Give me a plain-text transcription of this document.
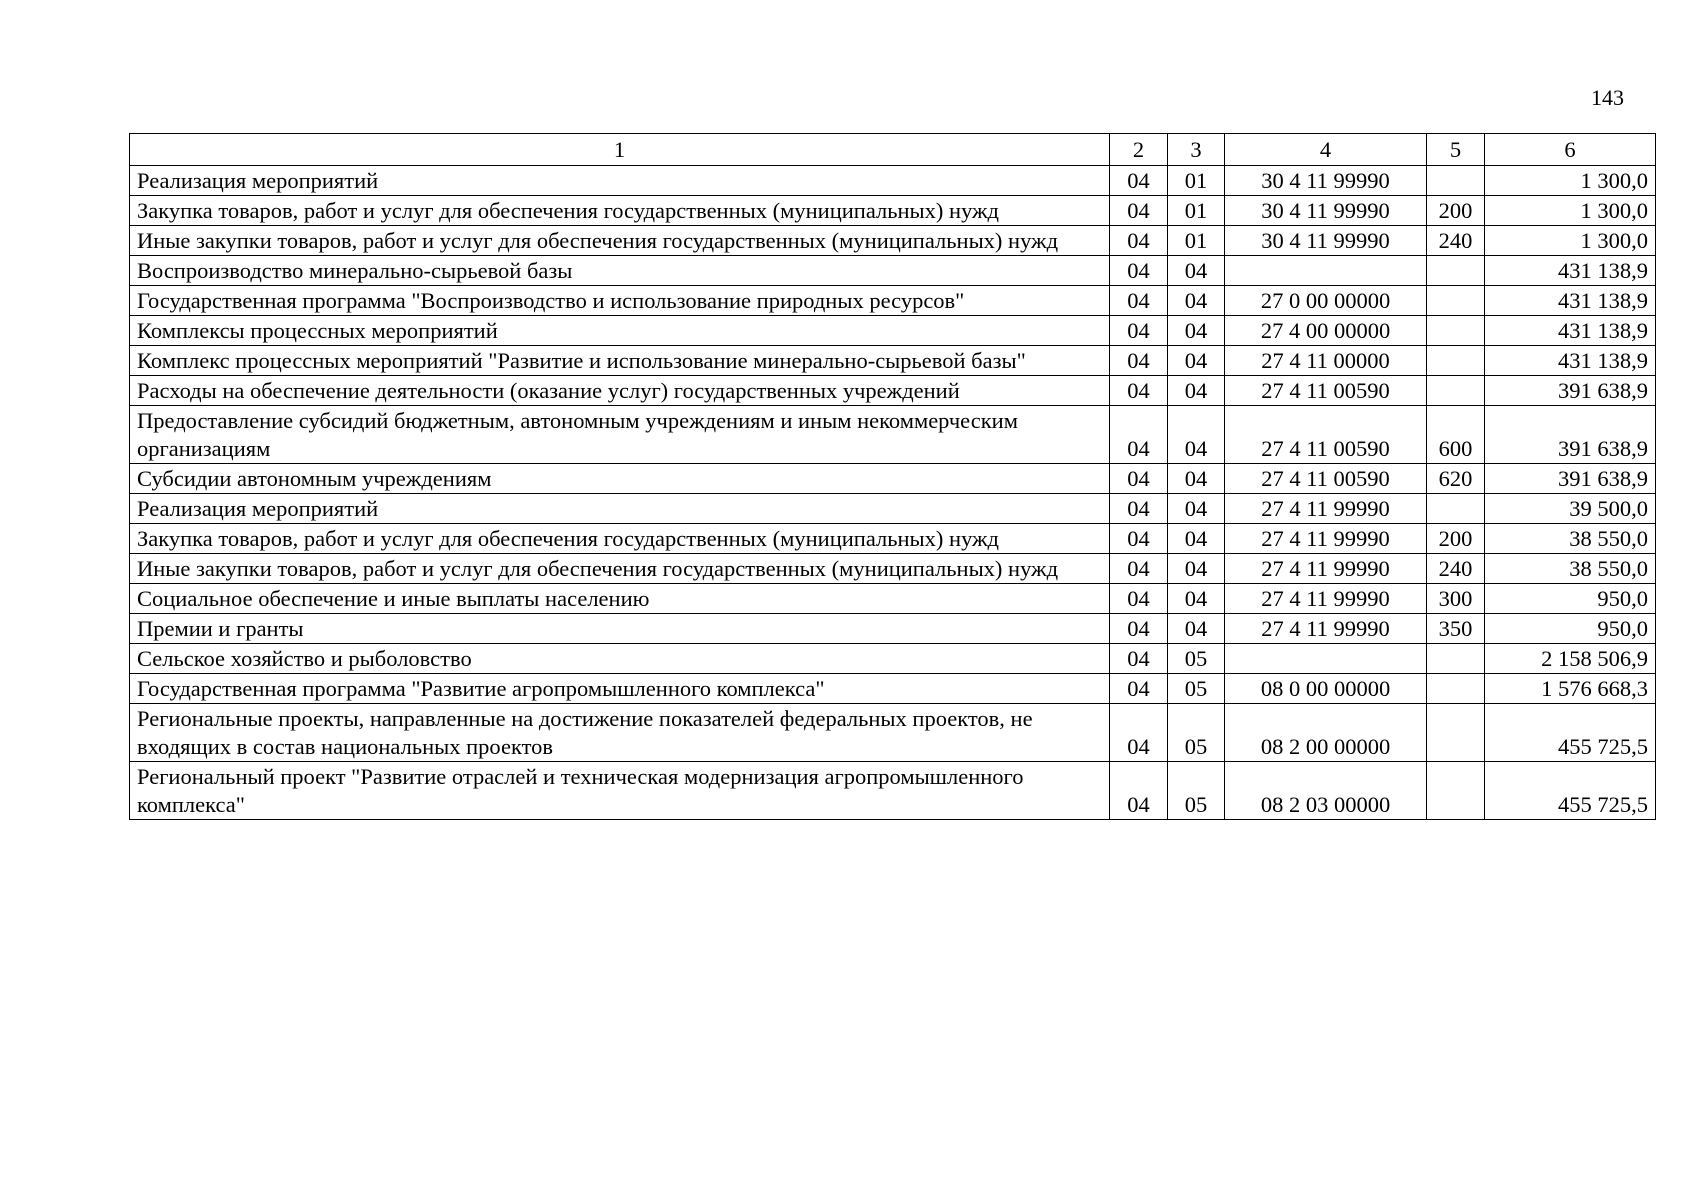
143
1	2	3	4	5	6
Реализация мероприятий	04	01	30 4 11 99990		1 300,0
Закупка товаров, работ и услуг для обеспечения государственных (муниципальных) нужд	04	01	30 4 11 99990	200	1 300,0
Иные закупки товаров, работ и услуг для обеспечения государственных (муниципальных) нужд	04	01	30 4 11 99990	240	1 300,0
Воспроизводство минерально-сырьевой базы	04	04			431 138,9
Государственная программа "Воспроизводство и использование природных ресурсов"	04	04	27 0 00 00000		431 138,9
Комплексы процессных мероприятий	04	04	27 4 00 00000		431 138,9
Комплекс процессных мероприятий "Развитие и использование минерально-сырьевой базы"	04	04	27 4 11 00000		431 138,9
Расходы на обеспечение деятельности (оказание услуг) государственных учреждений	04	04	27 4 11 00590		391 638,9
Предоставление субсидий бюджетным, автономным учреждениям и иным некоммерческим организациям	04	04	27 4 11 00590	600	391 638,9
Субсидии автономным учреждениям	04	04	27 4 11 00590	620	391 638,9
Реализация мероприятий	04	04	27 4 11 99990		39 500,0
Закупка товаров, работ и услуг для обеспечения государственных (муниципальных) нужд	04	04	27 4 11 99990	200	38 550,0
Иные закупки товаров, работ и услуг для обеспечения государственных (муниципальных) нужд	04	04	27 4 11 99990	240	38 550,0
Социальное обеспечение и иные выплаты населению	04	04	27 4 11 99990	300	950,0
Премии и гранты	04	04	27 4 11 99990	350	950,0
Сельское хозяйство и рыболовство	04	05			2 158 506,9
Государственная программа "Развитие агропромышленного комплекса"	04	05	08 0 00 00000		1 576 668,3
Региональные проекты, направленные на достижение показателей федеральных проектов, не входящих в состав национальных проектов	04	05	08 2 00 00000		455 725,5
Региональный проект "Развитие отраслей и техническая модернизация агропромышленного комплекса"	04	05	08 2 03 00000		455 725,5
